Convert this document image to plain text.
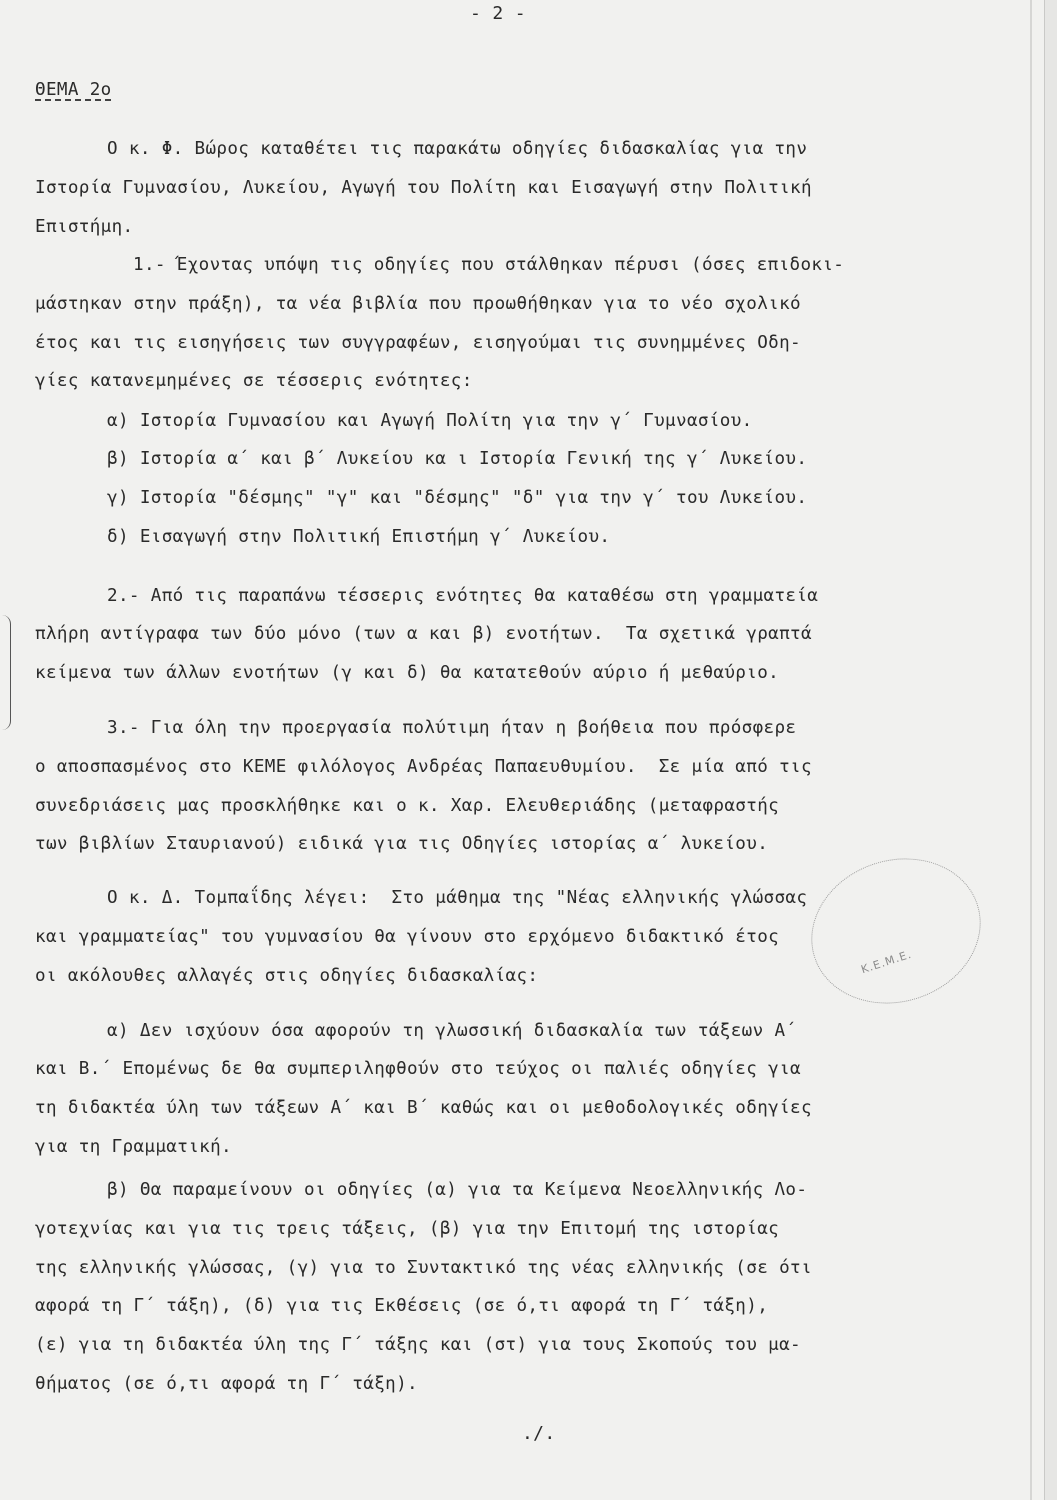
Κ.Ε.Μ.Ε.

- 2 -

ΘΕΜΑ 2ο

Ο κ. Φ. Βώρος καταθέτει τις παρακάτω οδηγίες διδασκαλίας για την

Ιστορία Γυμνασίου, Λυκείου, Αγωγή του Πολίτη και Εισαγωγή στην Πολιτική

Επιστήμη.

1.- Έχοντας υπόψη τις οδηγίες που στάλθηκαν πέρυσι (όσες επιδοκι-

μάστηκαν στην πράξη), τα νέα βιβλία που προωθήθηκαν για το νέο σχολικό

έτος και τις εισηγήσεις των συγγραφέων, εισηγούμαι τις συνημμένες Οδη-

γίες κατανεμημένες σε τέσσερις ενότητες:

α) Ιστορία Γυμνασίου και Αγωγή Πολίτη για την γ΄ Γυμνασίου.

β) Ιστορία α΄ και β΄ Λυκείου κα ι Ιστορία Γενική της γ΄ Λυκείου.

γ) Ιστορία "δέσμης" "γ" και "δέσμης" "δ" για την γ΄ του Λυκείου.

δ) Εισαγωγή στην Πολιτική Επιστήμη γ΄ Λυκείου.

2.- Από τις παραπάνω τέσσερις ενότητες θα καταθέσω στη γραμματεία

πλήρη αντίγραφα των δύο μόνο (των α και β) ενοτήτων.  Τα σχετικά γραπτά

κείμενα των άλλων ενοτήτων (γ και δ) θα κατατεθούν αύριο ή μεθαύριο.

3.- Για όλη την προεργασία πολύτιμη ήταν η βοήθεια που πρόσφερε

ο αποσπασμένος στο ΚΕΜΕ φιλόλογος Ανδρέας Παπαευθυμίου.  Σε μία από τις

συνεδριάσεις μας προσκλήθηκε και ο κ. Χαρ. Ελευθεριάδης (μεταφραστής

των βιβλίων Σταυριανού) ειδικά για τις Οδηγίες ιστορίας α΄ λυκείου.

Ο κ. Δ. Τομπαΐδης λέγει:  Στο μάθημα της "Νέας ελληνικής γλώσσας

και γραμματείας" του γυμνασίου θα γίνουν στο ερχόμενο διδακτικό έτος

οι ακόλουθες αλλαγές στις οδηγίες διδασκαλίας:

α) Δεν ισχύουν όσα αφορούν τη γλωσσική διδασκαλία των τάξεων Α΄

και Β.΄ Επομένως δε θα συμπεριληφθούν στο τεύχος οι παλιές οδηγίες για

τη διδακτέα ύλη των τάξεων Α΄ και Β΄ καθώς και οι μεθοδολογικές οδηγίες

για τη Γραμματική.

β) Θα παραμείνουν οι οδηγίες (α) για τα Κείμενα Νεοελληνικής Λο-

γοτεχνίας και για τις τρεις τάξεις, (β) για την Επιτομή της ιστορίας

της ελληνικής γλώσσας, (γ) για το Συντακτικό της νέας ελληνικής (σε ότι

αφορά τη Γ΄ τάξη), (δ) για τις Εκθέσεις (σε ό,τι αφορά τη Γ΄ τάξη),

(ε) για τη διδακτέα ύλη της Γ΄ τάξης και (στ) για τους Σκοπούς του μα-

θήματος (σε ό,τι αφορά τη Γ΄ τάξη).

./.
